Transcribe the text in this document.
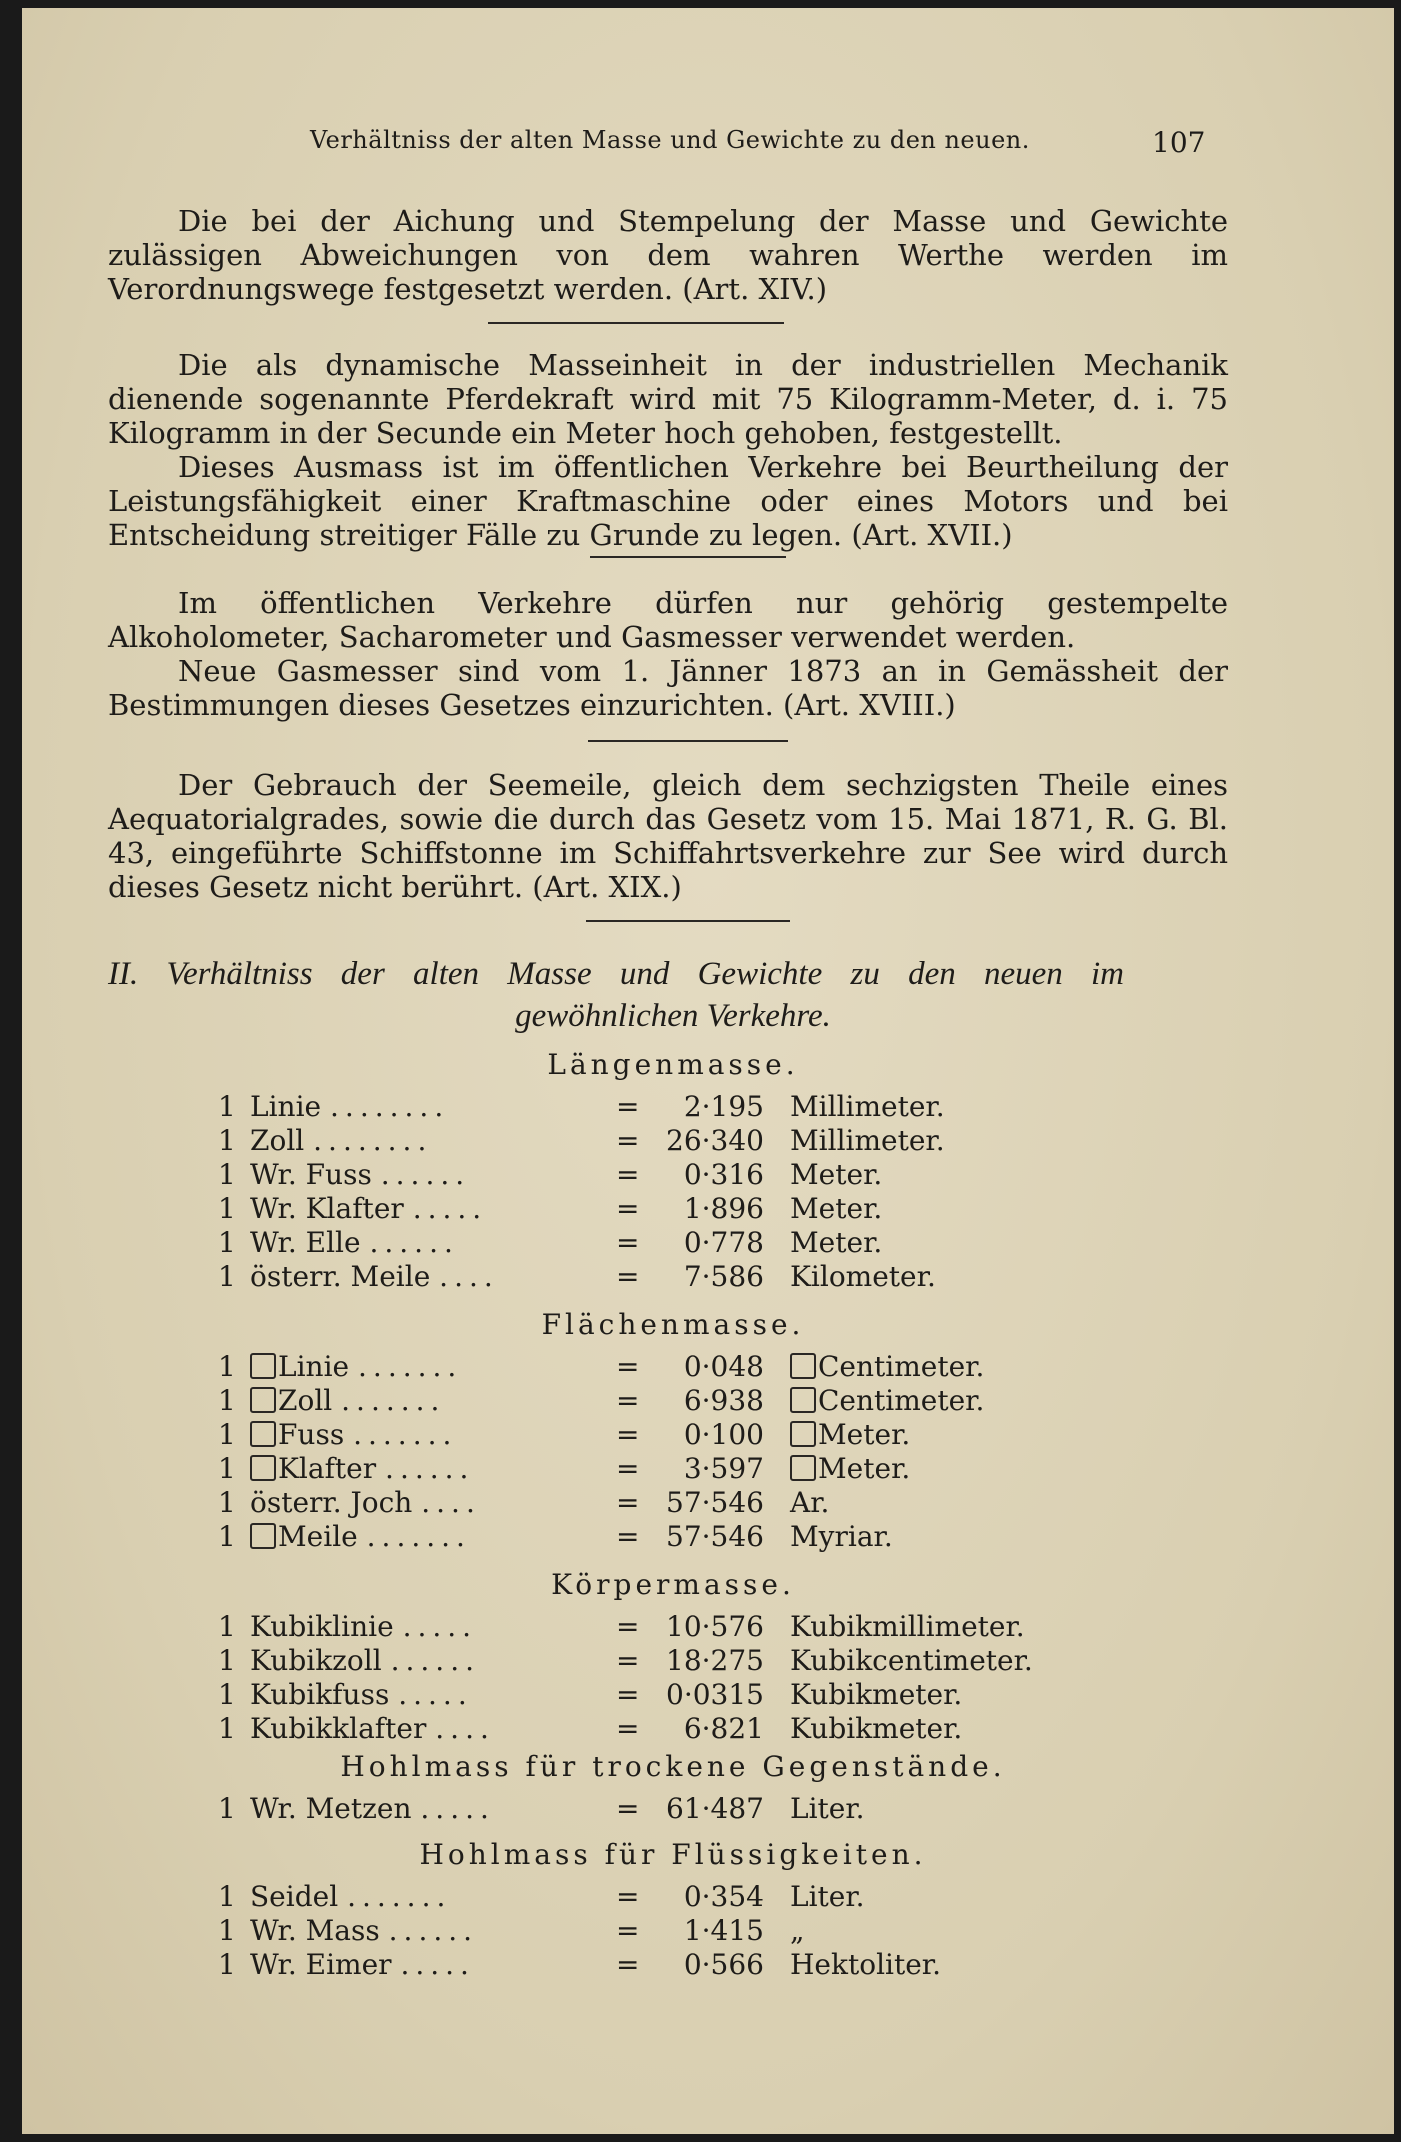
Verhältniss der alten Masse und Gewichte zu den neuen.	107

Die bei der Aichung und Stempelung der Masse und Gewichte zulässigen Abweichungen von dem wahren Werthe werden im Verordnungswege festgesetzt werden. (Art. XIV.)

Die als dynamische Masseinheit in der industriellen Mechanik dienende sogenannte Pferdekraft wird mit 75 Kilogramm-Meter, d. i. 75 Kilogramm in der Secunde ein Meter hoch gehoben, festgestellt.

Dieses Ausmass ist im öffentlichen Verkehre bei Beurtheilung der Leistungsfähigkeit einer Kraftmaschine oder eines Motors und bei Entscheidung streitiger Fälle zu Grunde zu legen. (Art. XVII.)

Im öffentlichen Verkehre dürfen nur gehörig gestempelte Alkoholometer, Sacharometer und Gasmesser verwendet werden.

Neue Gasmesser sind vom 1. Jänner 1873 an in Gemässheit der Bestimmungen dieses Gesetzes einzurichten. (Art. XVIII.)

Der Gebrauch der Seemeile, gleich dem sechzigsten Theile eines Aequatorialgrades, sowie die durch das Gesetz vom 15. Mai 1871, R. G. Bl. 43, eingeführte Schiffstonne im Schiffahrtsverkehre zur See wird durch dieses Gesetz nicht berührt. (Art. XIX.)

II. Verhältniss der alten Masse und Gewichte zu den neuen im
gewöhnlichen Verkehre.
Längenmasse.
1 Linie ........	=	2·195 Millimeter.
1 Zoll ........	= 26·340 Millimeter.
1 Wr. Fuss ......	=	0·316 Meter.
1 Wr. Klafter .....	=	1·896 Meter.
1 Wr. Elle ......	=	0·778 Meter.
1 österr. Meile ....	=	7·586 Kilometer.
Flächenmasse.
1	Linie .......	=	0·048	Centimeter.
1	Zoll .......	=	6·938	Centimeter.
1	Fuss .......	=	0·100	Meter.
1	Klafter ......	=	3·597	Meter.
1 österr. Joch ....	= 57·546 Ar.
1	Meile .......	= 57·546 Myriar.
Körpermasse.
1 Kubiklinie .....	= 10·576 Kubikmillimeter.
1 Kubikzoll ......	= 18·275 Kubikcentimeter.
1 Kubikfuss .....	= 0·0315 Kubikmeter.
1 Kubikklafter ....	=	6·821 Kubikmeter.
Hohlmass für trockene Gegenstände.
1 Wr. Metzen .....	= 61·487 Liter.
Hohlmass für Flüssigkeiten.
1 Seidel .......	=	0·354 Liter.
1 Wr. Mass ......	=	1·415 „
1 Wr. Eimer .....	=	0·566 Hektoliter.
